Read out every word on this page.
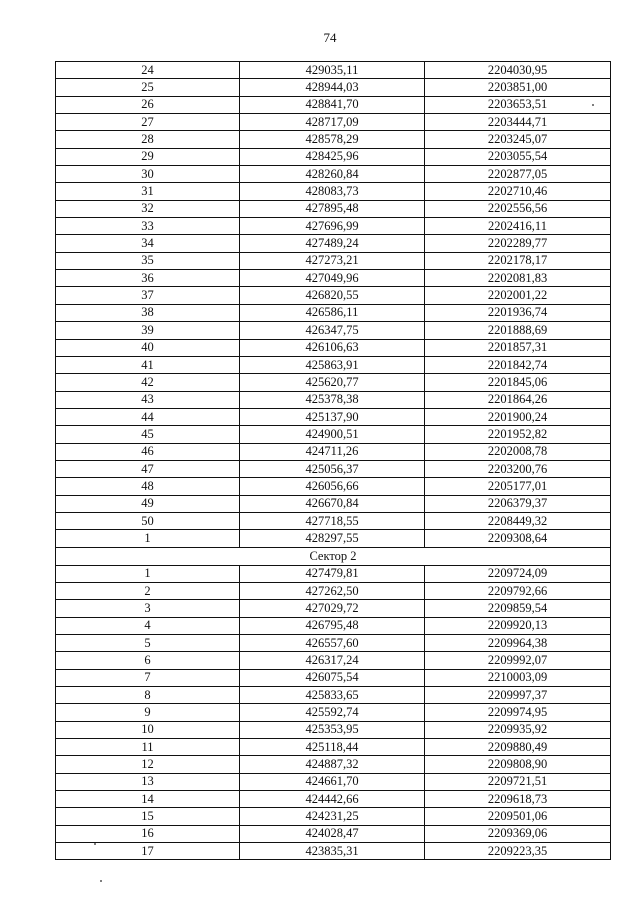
74
24	429035,11	2204030,95
25	428944,03	2203851,00
26	428841,70	2203653,51
27	428717,09	2203444,71
28	428578,29	2203245,07
29	428425,96	2203055,54
30	428260,84	2202877,05
31	428083,73	2202710,46
32	427895,48	2202556,56
33	427696,99	2202416,11
34	427489,24	2202289,77
35	427273,21	2202178,17
36	427049,96	2202081,83
37	426820,55	2202001,22
38	426586,11	2201936,74
39	426347,75	2201888,69
40	426106,63	2201857,31
41	425863,91	2201842,74
42	425620,77	2201845,06
43	425378,38	2201864,26
44	425137,90	2201900,24
45	424900,51	2201952,82
46	424711,26	2202008,78
47	425056,37	2203200,76
48	426056,66	2205177,01
49	426670,84	2206379,37
50	427718,55	2208449,32
1	428297,55	2209308,64
Сектор 2		
1	427479,81	2209724,09
2	427262,50	2209792,66
3	427029,72	2209859,54
4	426795,48	2209920,13
5	426557,60	2209964,38
6	426317,24	2209992,07
7	426075,54	2210003,09
8	425833,65	2209997,37
9	425592,74	2209974,95
10	425353,95	2209935,92
11	425118,44	2209880,49
12	424887,32	2209808,90
13	424661,70	2209721,51
14	424442,66	2209618,73
15	424231,25	2209501,06
16	424028,47	2209369,06
17	423835,31	2209223,35
